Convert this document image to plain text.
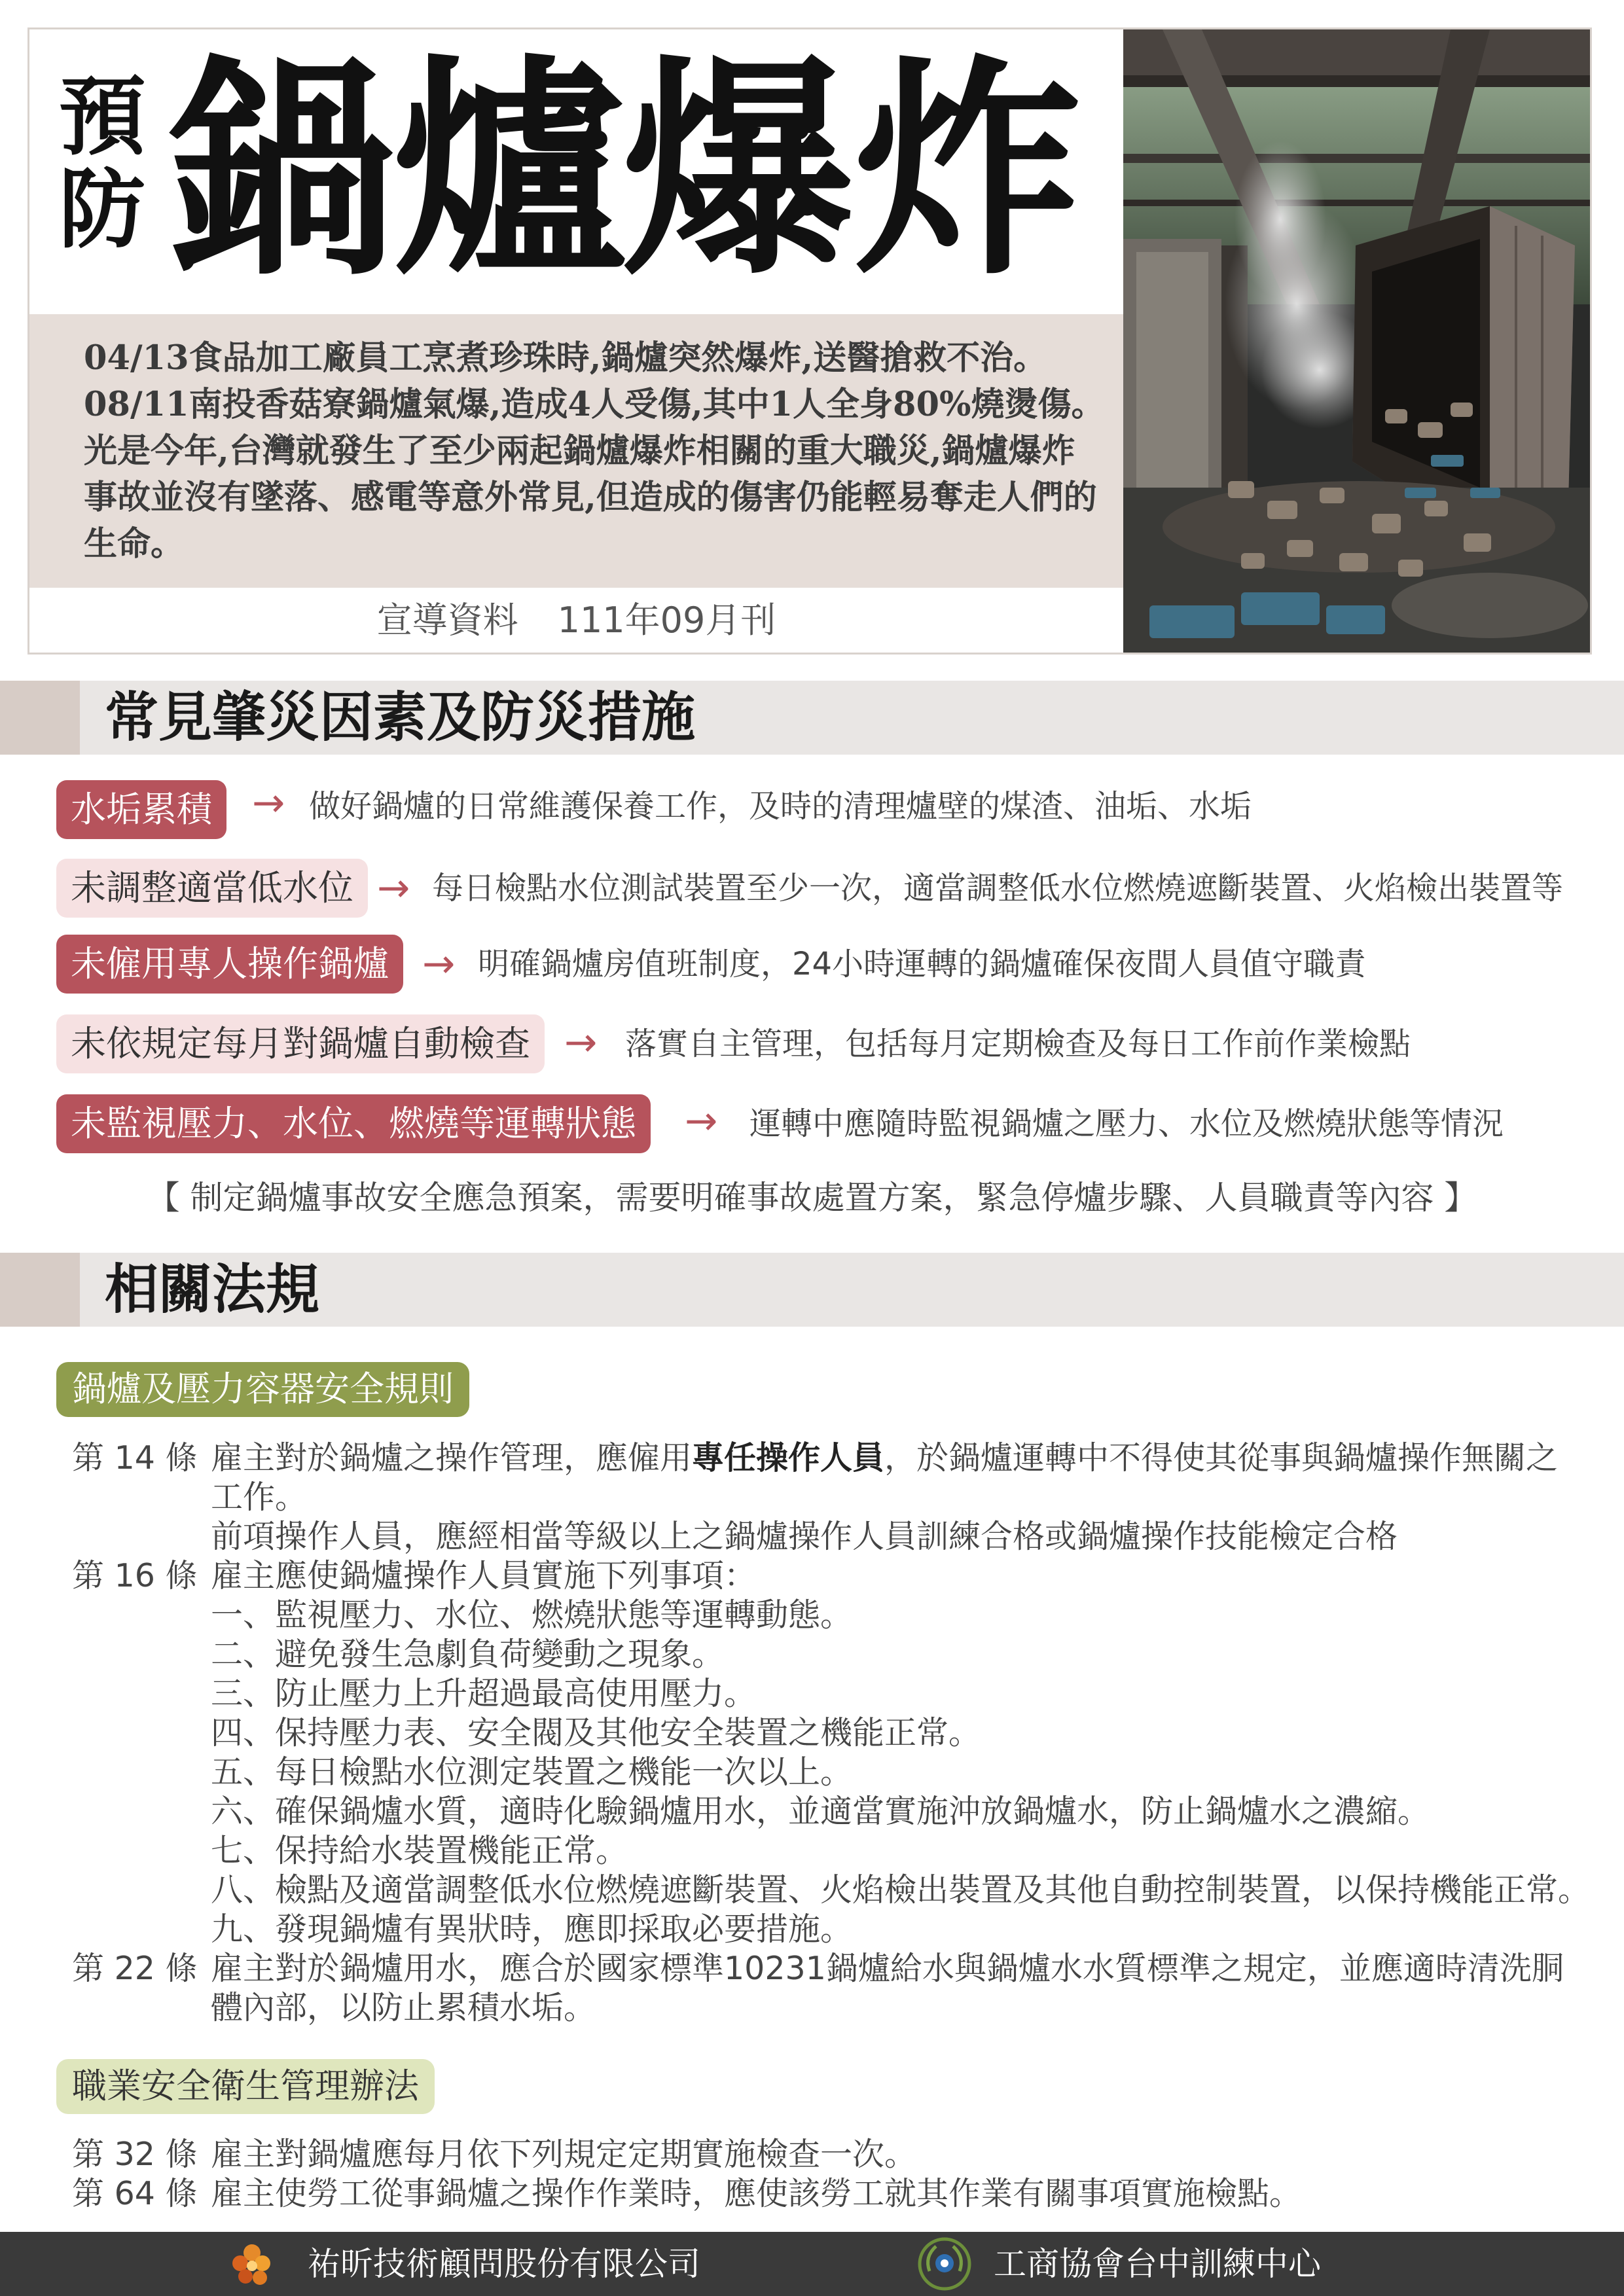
預防 鍋爐爆炸
04/13食品加工廠員工烹煮珍珠時,鍋爐突然爆炸,送醫搶救不治。
08/11南投香菇寮鍋爐氣爆,造成4人受傷,其中1人全身80%燒燙傷。
光是今年,台灣就發生了至少兩起鍋爐爆炸相關的重大職災,鍋爐爆炸
事故並沒有墜落、感電等意外常見,但造成的傷害仍能輕易奪走人們的
生命。
宣導資料 111年09月刊
常見肇災因素及防災措施
水垢累積	→ 做好鍋爐的日常維護保養工作，及時的清理爐壁的煤渣、油垢、水垢
未調整適當低水位 → 每日檢點水位測試裝置至少一次，適當調整低水位燃燒遮斷裝置、火焰檢出裝置等
未僱用專人操作鍋爐 → 明確鍋爐房值班制度，24小時運轉的鍋爐確保夜間人員值守職責
未依規定每月對鍋爐自動檢查 → 落實自主管理，包括每月定期檢查及每日工作前作業檢點
未監視壓力、水位、燃燒等運轉狀態	→ 運轉中應隨時監視鍋爐之壓力、水位及燃燒狀態等情況
【 制定鍋爐事故安全應急預案，需要明確事故處置方案，緊急停爐步驟、人員職責等內容 】
相關法規
鍋爐及壓力容器安全規則
第 14 條 雇主對於鍋爐之操作管理，應僱用專任操作人員，於鍋爐運轉中不得使其從事與鍋爐操作無關之
工作。
前項操作人員，應經相當等級以上之鍋爐操作人員訓練合格或鍋爐操作技能檢定合格
第 16 條 雇主應使鍋爐操作人員實施下列事項：
一、監視壓力、水位、燃燒狀態等運轉動態。
二、避免發生急劇負荷變動之現象。
三、防止壓力上升超過最高使用壓力。
四、保持壓力表、安全閥及其他安全裝置之機能正常。
五、每日檢點水位測定裝置之機能一次以上。
六、確保鍋爐水質，適時化驗鍋爐用水，並適當實施沖放鍋爐水，防止鍋爐水之濃縮。
七、保持給水裝置機能正常。
八、檢點及適當調整低水位燃燒遮斷裝置、火焰檢出裝置及其他自動控制裝置，以保持機能正常。
九、發現鍋爐有異狀時，應即採取必要措施。
第 22 條 雇主對於鍋爐用水，應合於國家標準10231鍋爐給水與鍋爐水水質標準之規定，並應適時清洗胴
體內部，以防止累積水垢。
職業安全衛生管理辦法
第 32 條 雇主對鍋爐應每月依下列規定定期實施檢查一次。
第 64 條 雇主使勞工從事鍋爐之操作作業時，應使該勞工就其作業有關事項實施檢點。
祐昕技術顧問股份有限公司	工商協會台中訓練中心
